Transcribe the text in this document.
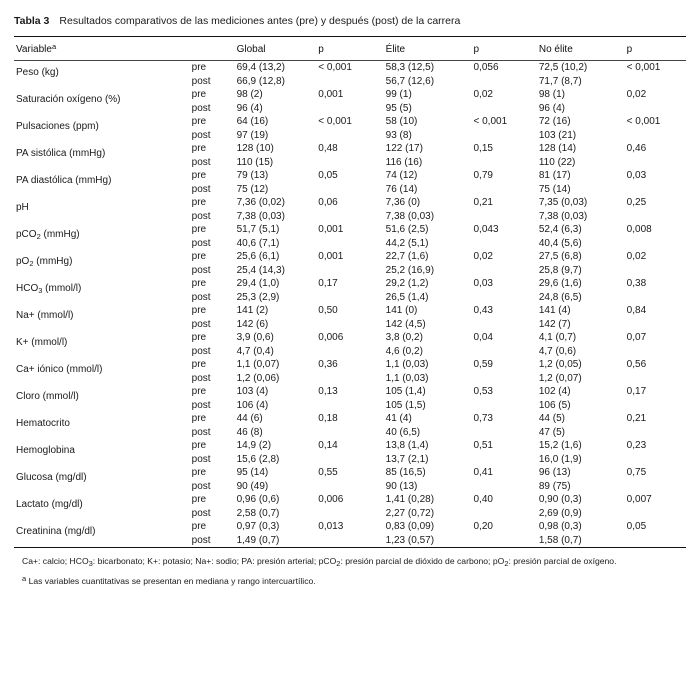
Tabla 3 Resultados comparativos de las mediciones antes (pre) y después (post) de la carrera
Variable$^a$		Global	p	Élite	p	No élite	p
Peso (kg)	pre	69,4 (13,2)	< 0,001	58,3 (12,5)	0,056	72,5 (10,2)	< 0,001
	post	66,9 (12,8)		56,7 (12,6)		71,7 (8,7)	
Saturación oxígeno (%)	pre	98 (2)	0,001	99 (1)	0,02	98 (1)	0,02
	post	96 (4)		95 (5)		96 (4)	
Pulsaciones (ppm)	pre	64 (16)	< 0,001	58 (10)	< 0,001	72 (16)	< 0,001
	post	97 (19)		93 (8)		103 (21)	
PA sistólica (mmHg)	pre	128 (10)	0,48	122 (17)	0,15	128 (14)	0,46
	post	110 (15)		116 (16)		110 (22)	
PA diastólica (mmHg)	pre	79 (13)	0,05	74 (12)	0,79	81 (17)	0,03
	post	75 (12)		76 (14)		75 (14)	
pH	pre	7,36 (0,02)	0,06	7,36 (0)	0,21	7,35 (0,03)	0,25
	post	7,38 (0,03)		7,38 (0,03)		7,38 (0,03)	
pCO$_2$ (mmHg)	pre	51,7 (5,1)	0,001	51,6 (2,5)	0,043	52,4 (6,3)	0,008
	post	40,6 (7,1)		44,2 (5,1)		40,4 (5,6)	
$pO_2$ (mmHg)	pre	25,6 (6,1)	0,001	22,7 (1,6)	0,02	27,5 (6,8)	0,02
	post	25,4 (14,3)		25,2 (16,9)		25,8 (9,7)	
$HCO_3$ (mmol/l)	pre	29,4 (1,0)	0,17	29,2 (1,2)	0,03	29,6 (1,6)	0,38
	post	25,3 (2,9)		26,5 (1,4)		24,8 (6,5)	
Na+ (mmol/l)	pre	141 (2)	0,50	141 (0)	0,43	141 (4)	0,84
	post	142 (6)		142 (4,5)		142 (7)	
K+ (mmol/l)	pre	3,9 (0,6)	0,006	3,8 (0,2)	0,04	4,1 (0,7)	0,07
	post	4,7 (0,4)		4,6 (0,2)		4,7 (0,6)	
Ca+ iónico (mmol/l)	pre	1,1 (0,07)	0,36	1,1 (0,03)	0,59	1,2 (0,05)	0,56
	post	1,2 (0,06)		1,1 (0,03)		1,2 (0,07)	
Cloro (mmol/l)	pre	103 (4)	0,13	105 (1,4)	0,53	102 (4)	0,17
	post	106 (4)		105 (1,5)		106 (5)	
Hematocrito	pre	44 (6)	0,18	41 (4)	0,73	44 (5)	0,21
	post	46 (8)		40 (6,5)		47 (5)	
Hemoglobina	pre	14,9 (2)	0,14	13,8 (1,4)	0,51	15,2 (1,6)	0,23
	post	15,6 (2,8)		13,7 (2,1)		16,0 (1,9)	
Glucosa (mg/dl)	pre	95 (14)	0,55	85 (16,5)	0,41	96 (13)	0,75
	post	90 (49)		90 (13)		89 (75)	
Lactato (mg/dl)	pre	0,96 (0,6)	0,006	1,41 (0,28)	0,40	0,90 (0,3)	0,007
	post	2,58 (0,7)		2,27 (0,72)		2,69 (0,9)	
Creatinina (mg/dl)	pre	0,97 (0,3)	0,013	0,83 (0,09)	0,20	0,98 (0,3)	0,05
	post	1,49 (0,7)		1,23 (0,57)		1,58 (0,7)	
Ca+: calcio; HCO3: bicarbonato; K+: potasio; Na+: sodio; PA: presión arterial; pCO2: presión parcial de dióxido de carbono; pO2: presión parcial de oxígeno.
a Las variables cuantitativas se presentan en mediana y rango intercuartílico.
